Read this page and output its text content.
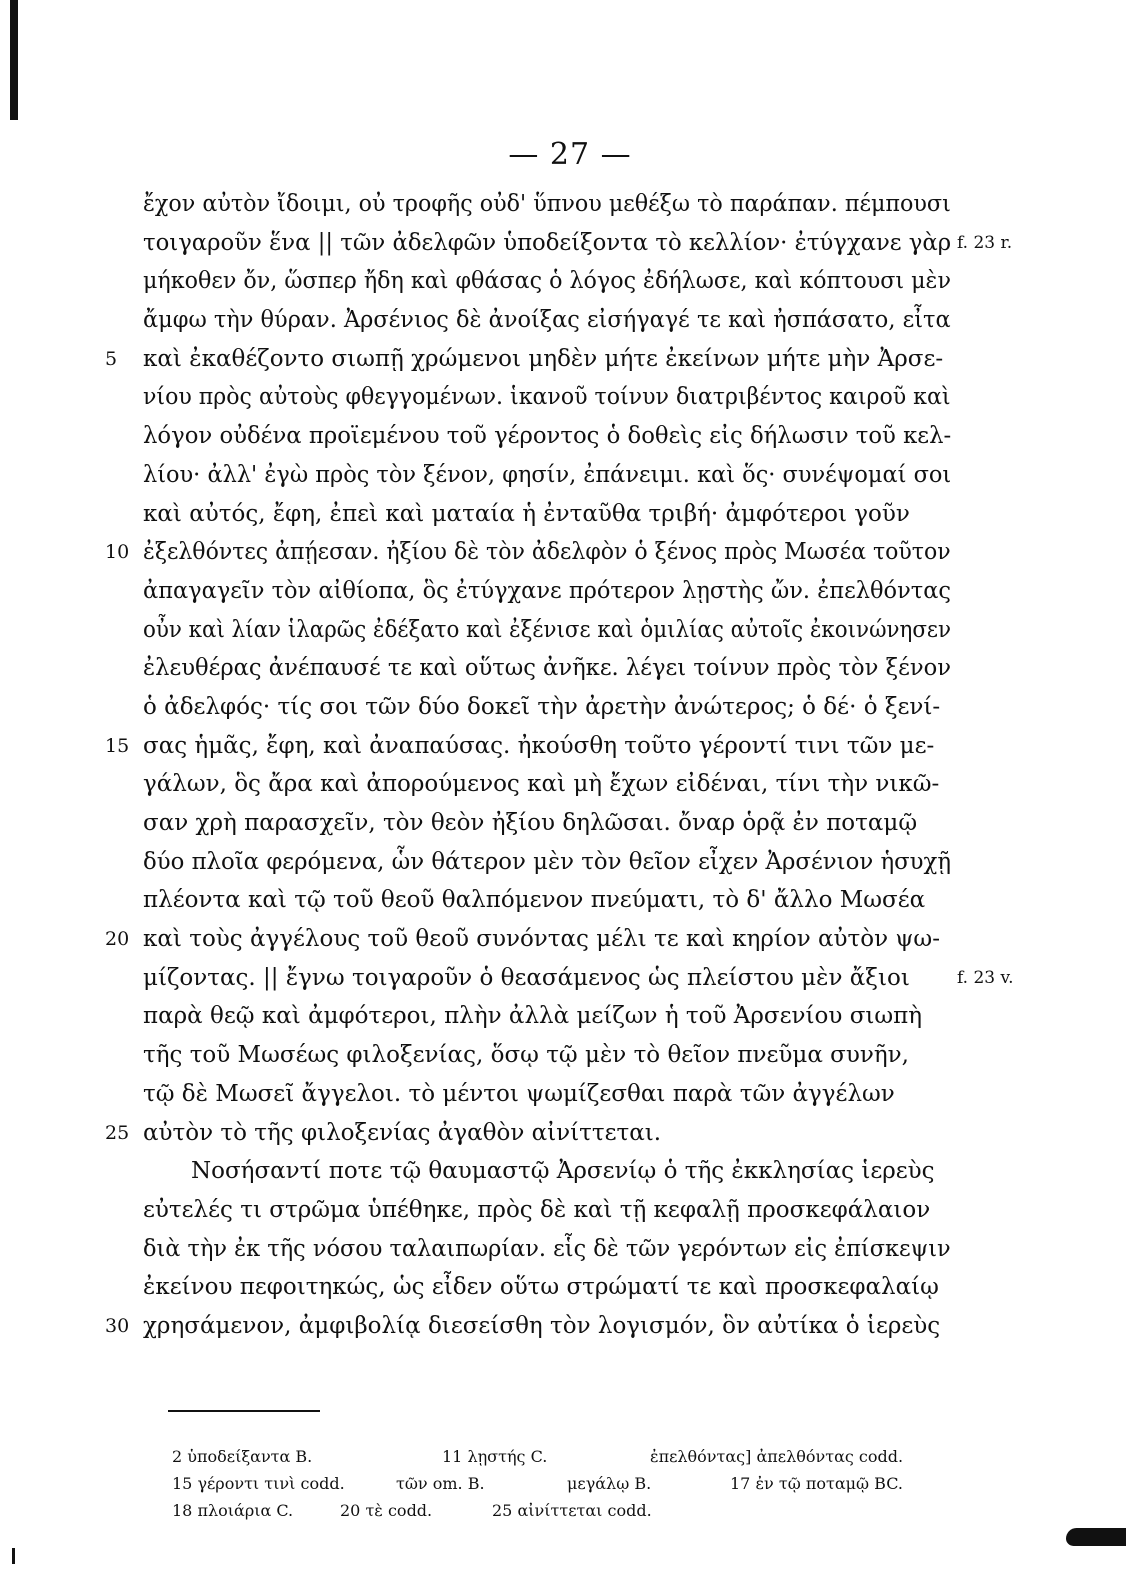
— 27 —
ἔχον αὐτὸν ἴδοιμι, οὐ τροφῆς οὐδ' ὕπνου μεθέξω τὸ παράπαν. πέμπουσι
τοιγαροῦν ἕνα || τῶν ἀδελφῶν ὑποδείξοντα τὸ κελλίον· ἐτύγχανε γὰρ f. 23 r.
μήκοθεν ὄν, ὥσπερ ἤδη καὶ φθάσας ὁ λόγος ἐδήλωσε, καὶ κόπτουσι μὲν
ἄμφω τὴν θύραν. Ἀρσένιος δὲ ἀνοίξας εἰσήγαγέ τε καὶ ἠσπάσατο, εἶτα
5 καὶ ἐκαθέζοντο σιωπῇ χρώμενοι μηδὲν μήτε ἐκείνων μήτε μὴν Ἀρσε-
νίου πρὸς αὐτοὺς φθεγγομένων. ἱκανοῦ τοίνυν διατριβέντος καιροῦ καὶ
λόγον οὐδένα προϊεμένου τοῦ γέροντος ὁ δοθεὶς εἰς δήλωσιν τοῦ κελ-
λίου· ἀλλ' ἐγὼ πρὸς τὸν ξένον, φησίν, ἐπάνειμι. καὶ ὅς· συνέψομαί σοι
καὶ αὐτός, ἔφη, ἐπεὶ καὶ ματαία ἡ ἐνταῦθα τριβή· ἀμφότεροι γοῦν
10 ἐξελθόντες ἀπῄεσαν. ἠξίου δὲ τὸν ἀδελφὸν ὁ ξένος πρὸς Μωσέα τοῦτον
ἀπαγαγεῖν τὸν αἰθίοπα, ὃς ἐτύγχανε πρότερον λῃστὴς ὤν. ἐπελθόντας
οὖν καὶ λίαν ἱλαρῶς ἐδέξατο καὶ ἐξένισε καὶ ὁμιλίας αὐτοῖς ἐκοινώνησεν
ἐλευθέρας ἀνέπαυσέ τε καὶ οὕτως ἀνῆκε. λέγει τοίνυν πρὸς τὸν ξένον
ὁ ἀδελφός· τίς σοι τῶν δύο δοκεῖ τὴν ἀρετὴν ἀνώτερος; ὁ δέ· ὁ ξενί-
15 σας ἡμᾶς, ἔφη, καὶ ἀναπαύσας. ἠκούσθη τοῦτο γέροντί τινι τῶν με-
γάλων, ὃς ἄρα καὶ ἀπορούμενος καὶ μὴ ἔχων εἰδέναι, τίνι τὴν νικῶ-
σαν χρὴ παρασχεῖν, τὸν θεὸν ἠξίου δηλῶσαι. ὄναρ ὁρᾷ ἐν ποταμῷ
δύο πλοῖα φερόμενα, ὧν θάτερον μὲν τὸν θεῖον εἶχεν Ἀρσένιον ἡσυχῇ
πλέοντα καὶ τῷ τοῦ θεοῦ θαλπόμενον πνεύματι, τὸ δ' ἄλλο Μωσέα
20 καὶ τοὺς ἀγγέλους τοῦ θεοῦ συνόντας μέλι τε καὶ κηρίον αὐτὸν ψω-
μίζοντας. || ἔγνω τοιγαροῦν ὁ θεασάμενος ὡς πλείστου μὲν ἄξιοι	f. 23 v.
παρὰ θεῷ καὶ ἀμφότεροι, πλὴν ἀλλὰ μείζων ἡ τοῦ Ἀρσενίου σιωπὴ
τῆς τοῦ Μωσέως φιλοξενίας, ὅσῳ τῷ μὲν τὸ θεῖον πνεῦμα συνῆν,
τῷ δὲ Μωσεῖ ἄγγελοι. τὸ μέντοι ψωμίζεσθαι παρὰ τῶν ἀγγέλων
25 αὐτὸν τὸ τῆς φιλοξενίας ἀγαθὸν αἰνίττεται.
Νοσήσαντί ποτε τῷ θαυμαστῷ Ἀρσενίῳ ὁ τῆς ἐκκλησίας ἱερεὺς
εὐτελές τι στρῶμα ὑπέθηκε, πρὸς δὲ καὶ τῇ κεφαλῇ προσκεφάλαιον
διὰ τὴν ἐκ τῆς νόσου ταλαιπωρίαν. εἷς δὲ τῶν γερόντων εἰς ἐπίσκεψιν
ἐκείνου πεφοιτηκώς, ὡς εἶδεν οὕτω στρώματί τε καὶ προσκεφαλαίῳ
30 χρησάμενον, ἀμφιβολίᾳ διεσείσθη τὸν λογισμόν, ὃν αὐτίκα ὁ ἱερεὺς
2 ὑποδείξαντα B.	11 λῃστής C.	ἐπελθόντας] ἀπελθόντας codd.
15 γέροντι τινὶ codd.	τῶν om. B.	μεγάλῳ B.	17 ἐν τῷ ποταμῷ BC.
18 πλοιάρια C.	20 τὲ codd.	25 αἰνίττεται codd.
